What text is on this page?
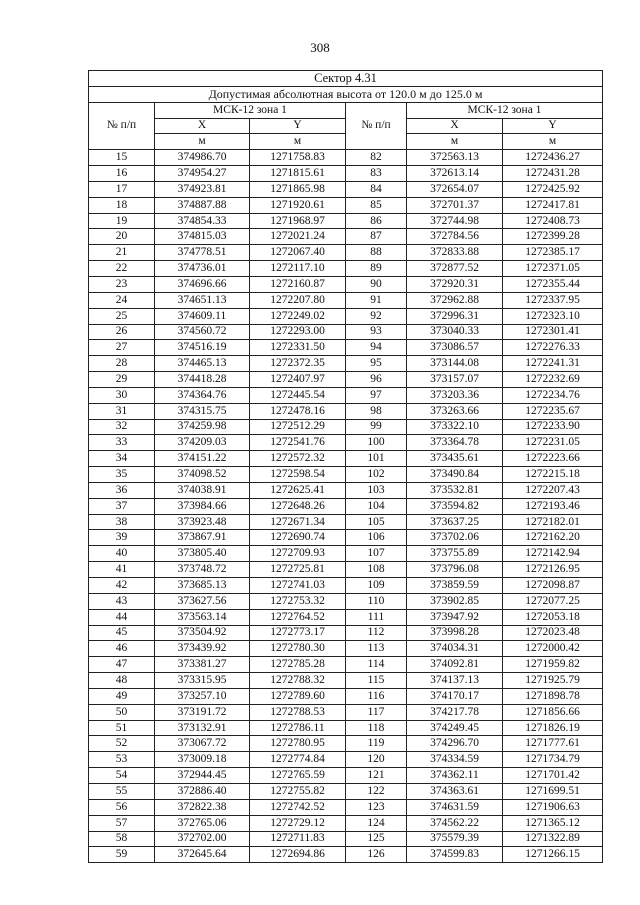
308
Сектор 4.31					
Допустимая абсолютная высота от 120.0 м до 125.0 м					
№ п/п	МСК-12 зона 1		№ п/п	МСК-12 зона 1	
	X	Y		X	Y
	м	м		м	м
15	374986.70	1271758.83	82	372563.13	1272436.27
16	374954.27	1271815.61	83	372613.14	1272431.28
17	374923.81	1271865.98	84	372654.07	1272425.92
18	374887.88	1271920.61	85	372701.37	1272417.81
19	374854.33	1271968.97	86	372744.98	1272408.73
20	374815.03	1272021.24	87	372784.56	1272399.28
21	374778.51	1272067.40	88	372833.88	1272385.17
22	374736.01	1272117.10	89	372877.52	1272371.05
23	374696.66	1272160.87	90	372920.31	1272355.44
24	374651.13	1272207.80	91	372962.88	1272337.95
25	374609.11	1272249.02	92	372996.31	1272323.10
26	374560.72	1272293.00	93	373040.33	1272301.41
27	374516.19	1272331.50	94	373086.57	1272276.33
28	374465.13	1272372.35	95	373144.08	1272241.31
29	374418.28	1272407.97	96	373157.07	1272232.69
30	374364.76	1272445.54	97	373203.36	1272234.76
31	374315.75	1272478.16	98	373263.66	1272235.67
32	374259.98	1272512.29	99	373322.10	1272233.90
33	374209.03	1272541.76	100	373364.78	1272231.05
34	374151.22	1272572.32	101	373435.61	1272223.66
35	374098.52	1272598.54	102	373490.84	1272215.18
36	374038.91	1272625.41	103	373532.81	1272207.43
37	373984.66	1272648.26	104	373594.82	1272193.46
38	373923.48	1272671.34	105	373637.25	1272182.01
39	373867.91	1272690.74	106	373702.06	1272162.20
40	373805.40	1272709.93	107	373755.89	1272142.94
41	373748.72	1272725.81	108	373796.08	1272126.95
42	373685.13	1272741.03	109	373859.59	1272098.87
43	373627.56	1272753.32	110	373902.85	1272077.25
44	373563.14	1272764.52	111	373947.92	1272053.18
45	373504.92	1272773.17	112	373998.28	1272023.48
46	373439.92	1272780.30	113	374034.31	1272000.42
47	373381.27	1272785.28	114	374092.81	1271959.82
48	373315.95	1272788.32	115	374137.13	1271925.79
49	373257.10	1272789.60	116	374170.17	1271898.78
50	373191.72	1272788.53	117	374217.78	1271856.66
51	373132.91	1272786.11	118	374249.45	1271826.19
52	373067.72	1272780.95	119	374296.70	1271777.61
53	373009.18	1272774.84	120	374334.59	1271734.79
54	372944.45	1272765.59	121	374362.11	1271701.42
55	372886.40	1272755.82	122	374363.61	1271699.51
56	372822.38	1272742.52	123	374631.59	1271906.63
57	372765.06	1272729.12	124	374562.22	1271365.12
58	372702.00	1272711.83	125	375579.39	1271322.89
59	372645.64	1272694.86	126	374599.83	1271266.15
